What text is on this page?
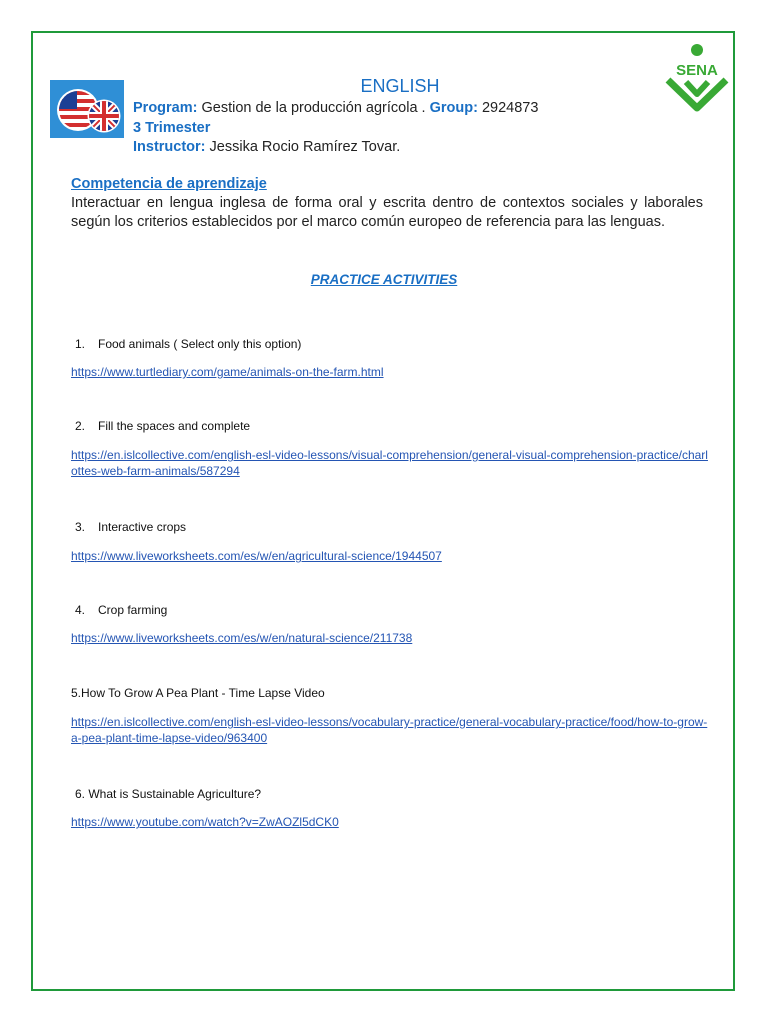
SENA
ENGLISH
Program: Gestion de la producción agrícola . Group: 2924873
3 Trimester
Instructor: Jessika Rocio Ramírez Tovar.
Competencia de aprendizaje
Interactuar en lengua inglesa de forma oral y escrita dentro de contextos sociales y laborales según los criterios establecidos por el marco común europeo de referencia para las lenguas.
PRACTICE ACTIVITIES
1. Food animals ( Select only this option)
https://www.turtlediary.com/game/animals-on-the-farm.html
2. Fill the spaces and complete
https://en.islcollective.com/english-esl-video-lessons/visual-comprehension/general-visual-comprehension-practice/charlottes-web-farm-animals/587294
3. Interactive crops
https://www.liveworksheets.com/es/w/en/agricultural-science/1944507
4. Crop farming
https://www.liveworksheets.com/es/w/en/natural-science/211738
5.How To Grow A Pea Plant - Time Lapse Video
https://en.islcollective.com/english-esl-video-lessons/vocabulary-practice/general-vocabulary-practice/food/how-to-grow-a-pea-plant-time-lapse-video/963400
6. What is Sustainable Agriculture?
https://www.youtube.com/watch?v=ZwAOZl5dCK0
